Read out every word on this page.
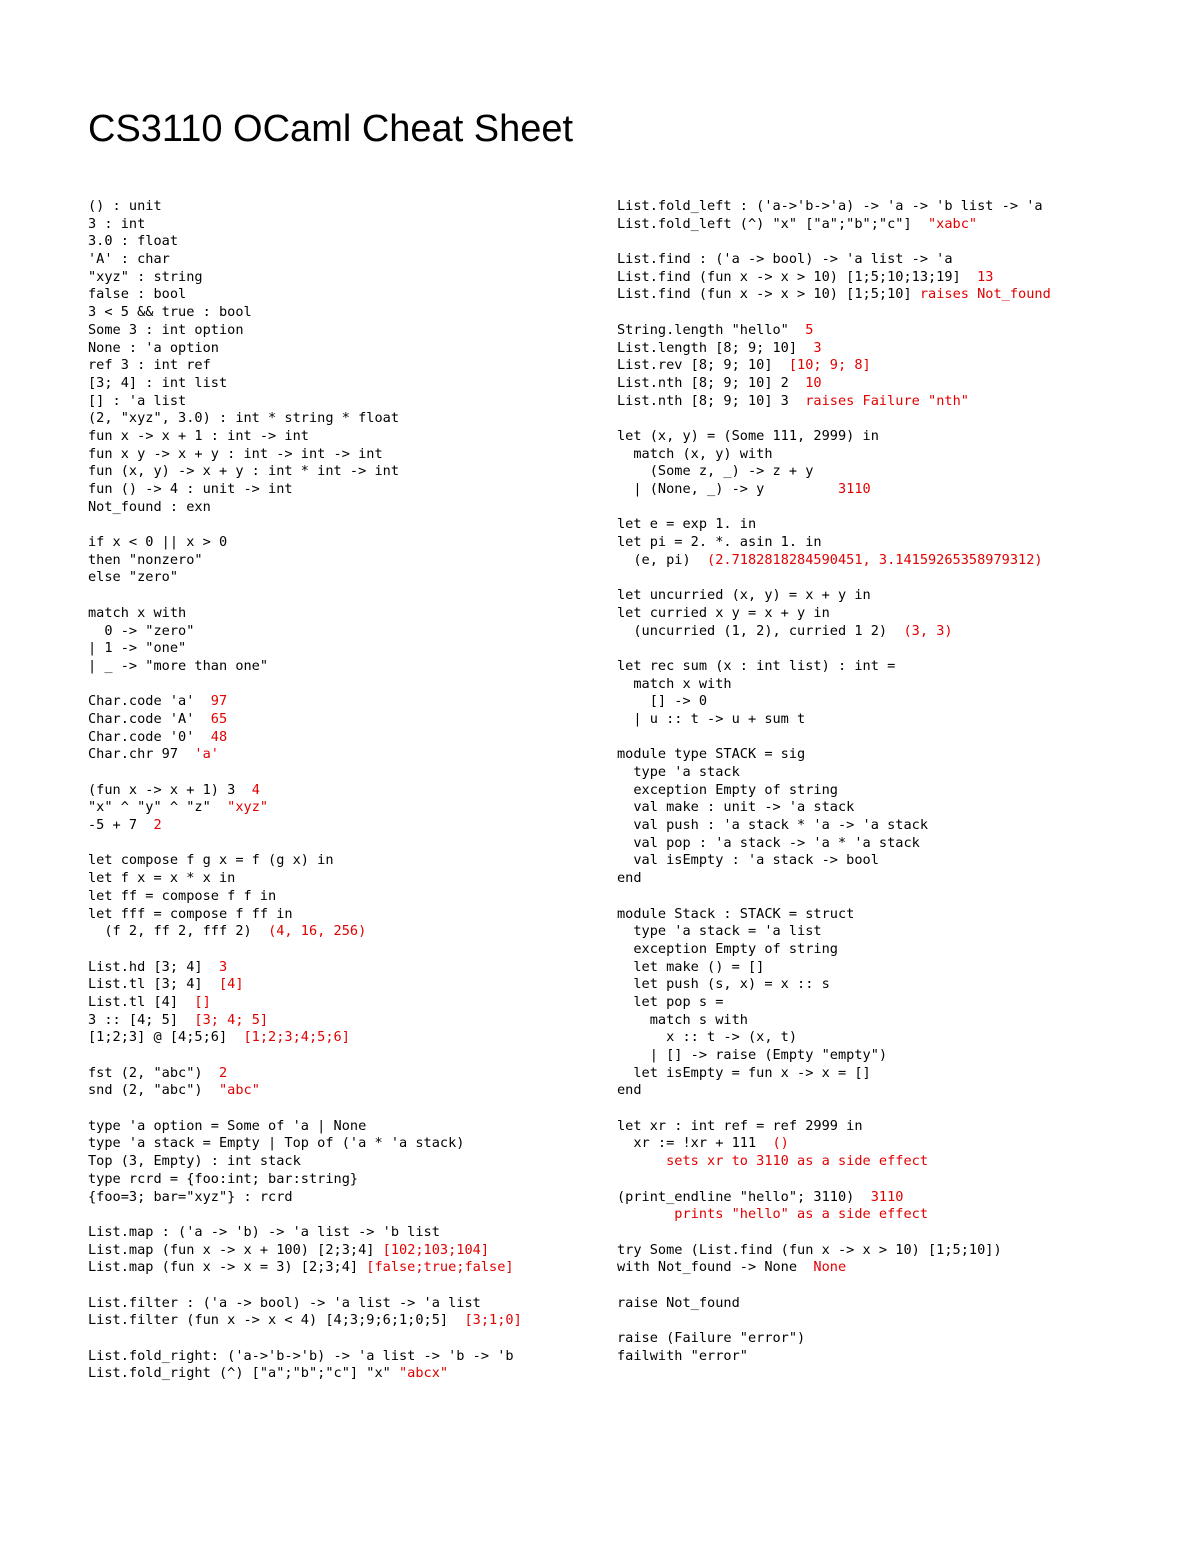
CS3110 OCaml Cheat Sheet
() : unit
3 : int
3.0 : float
'A' : char
"xyz" : string
false : bool
3 < 5 && true : bool
Some 3 : int option
None : 'a option
ref 3 : int ref
[3; 4] : int list
[] : 'a list
(2, "xyz", 3.0) : int * string * float
fun x -> x + 1 : int -> int
fun x y -> x + y : int -> int -> int
fun (x, y) -> x + y : int * int -> int
fun () -> 4 : unit -> int
Not_found : exn
if x < 0 || x > 0
then "nonzero"
else "zero"
match x with
0 -> "zero"
| 1 -> "one"
| _ -> "more than one"
Char.code 'a'  97
Char.code 'A'  65
Char.code '0'  48
Char.chr 97  'a'
(fun x -> x + 1) 3  4
"x" ^ "y" ^ "z"  "xyz"
-5 + 7  2
let compose f g x = f (g x) in
let f x = x * x in
let ff = compose f f in
let fff = compose f ff in
(f 2, ff 2, fff 2)  (4, 16, 256)
List.hd [3; 4]  3
List.tl [3; 4]  [4]
List.tl [4]  []
3 :: [4; 5]  [3; 4; 5]
[1;2;3] @ [4;5;6]  [1;2;3;4;5;6]
fst (2, "abc")  2
snd (2, "abc")  "abc"
type 'a option = Some of 'a | None
type 'a stack = Empty | Top of ('a * 'a stack)
Top (3, Empty) : int stack
type rcrd = {foo:int; bar:string}
{foo=3; bar="xyz"} : rcrd
List.map : ('a -> 'b) -> 'a list -> 'b list
List.map (fun x -> x + 100) [2;3;4] [102;103;104]
List.map (fun x -> x = 3) [2;3;4] [false;true;false]
List.filter : ('a -> bool) -> 'a list -> 'a list
List.filter (fun x -> x < 4) [4;3;9;6;1;0;5]  [3;1;0]
List.fold_right: ('a->'b->'b) -> 'a list -> 'b -> 'b
List.fold_right (^) ["a";"b";"c"] "x" "abcx"
List.fold_left : ('a->'b->'a) -> 'a -> 'b list -> 'a
List.fold_left (^) "x" ["a";"b";"c"]  "xabc"
List.find : ('a -> bool) -> 'a list -> 'a
List.find (fun x -> x > 10) [1;5;10;13;19]  13
List.find (fun x -> x > 10) [1;5;10] raises Not_found
String.length "hello"  5
List.length [8; 9; 10]  3
List.rev [8; 9; 10]  [10; 9; 8]
List.nth [8; 9; 10] 2  10
List.nth [8; 9; 10] 3  raises Failure "nth"
let (x, y) = (Some 111, 2999) in
match (x, y) with
(Some z, _) -> z + y
| (None, _) -> y         3110
let e = exp 1. in
let pi = 2. *. asin 1. in
(e, pi)  (2.7182818284590451, 3.14159265358979312)
let uncurried (x, y) = x + y in
let curried x y = x + y in
(uncurried (1, 2), curried 1 2)  (3, 3)
let rec sum (x : int list) : int =
match x with
[] -> 0
| u :: t -> u + sum t
module type STACK = sig
type 'a stack
exception Empty of string
val make : unit -> 'a stack
val push : 'a stack * 'a -> 'a stack
val pop : 'a stack -> 'a * 'a stack
val isEmpty : 'a stack -> bool
end
module Stack : STACK = struct
type 'a stack = 'a list
exception Empty of string
let make () = []
let push (s, x) = x :: s
let pop s =
match s with
x :: t -> (x, t)
| [] -> raise (Empty "empty")
let isEmpty = fun x -> x = []
end
let xr : int ref = ref 2999 in
xr := !xr + 111  ()
sets xr to 3110 as a side effect
(print_endline "hello"; 3110)  3110
prints "hello" as a side effect
try Some (List.find (fun x -> x > 10) [1;5;10])
with Not_found -> None  None
raise Not_found
raise (Failure "error")
failwith "error"
